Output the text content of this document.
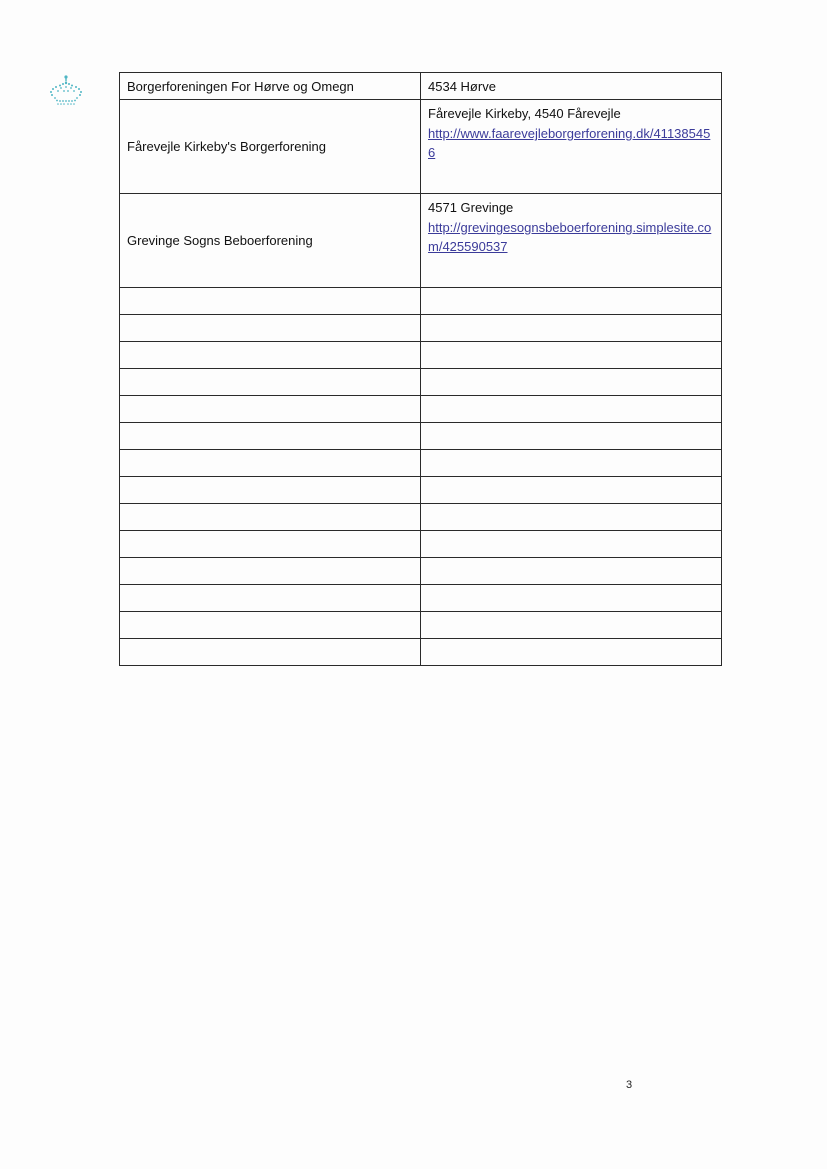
Borgerforeningen For Hørve og Omegn	4534 Hørve
Fårevejle Kirkeby's Borgerforening	Fårevejle Kirkeby, 4540 Fårevejle
http://www.faarevejleborgerforening.dk/411385456

Grevinge Sogns Beboerforening	4571 Grevinge
http://grevingesognsbeboerforening.simplesite.com/425590537

3
